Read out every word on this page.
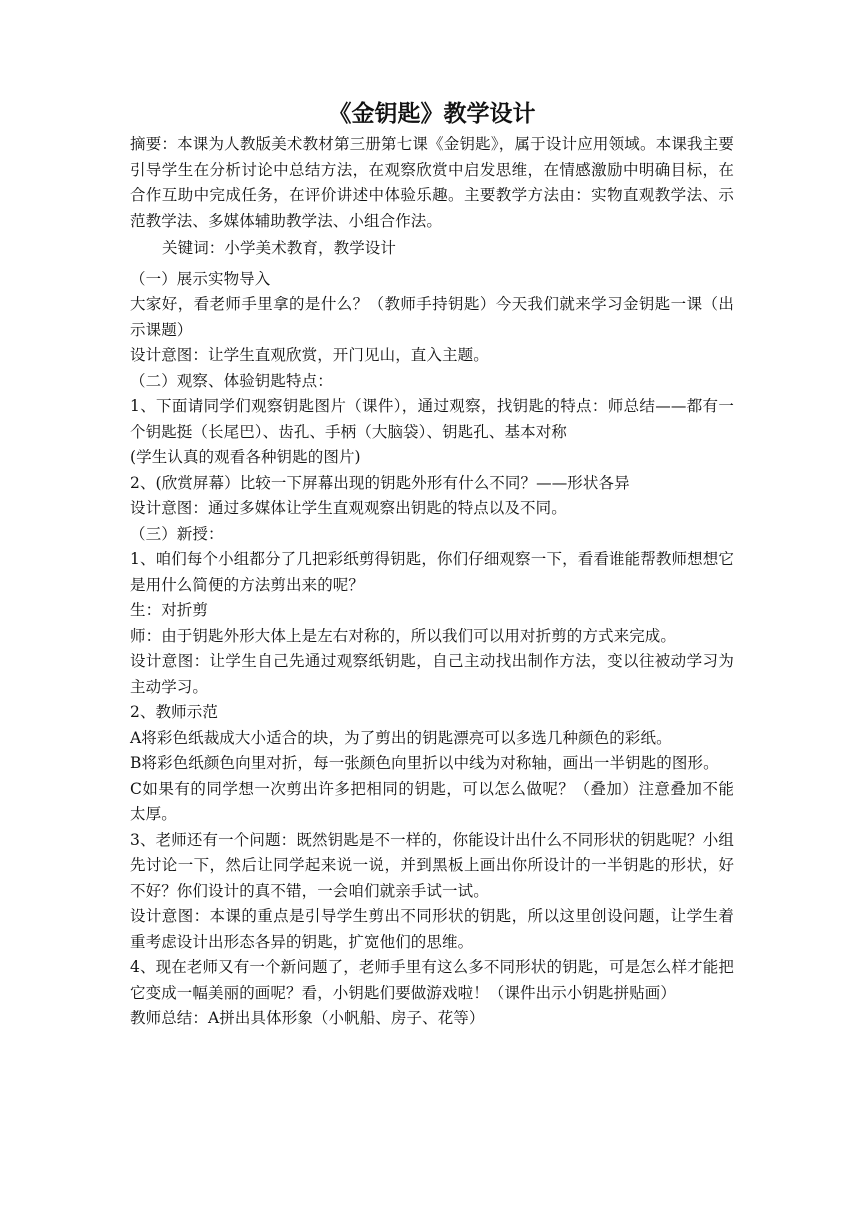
《金钥匙》教学设计

摘要：本课为人教版美术教材第三册第七课《金钥匙》，属于设计应用领域。本课我主要引导学生在分析讨论中总结方法，在观察欣赏中启发思维，在情感激励中明确目标，在合作互助中完成任务，在评价讲述中体验乐趣。主要教学方法由：实物直观教学法、示范教学法、多媒体辅助教学法、小组合作法。

关键词：小学美术教育，教学设计

（一）展示实物导入

大家好，看老师手里拿的是什么？（教师手持钥匙）今天我们就来学习金钥匙一课（出示课题）

设计意图：让学生直观欣赏，开门见山，直入主题。

（二）观察、体验钥匙特点：

1、下面请同学们观察钥匙图片（课件），通过观察，找钥匙的特点：师总结——都有一个钥匙挺（长尾巴）、齿孔、手柄（大脑袋）、钥匙孔、基本对称

(学生认真的观看各种钥匙的图片)

2、(欣赏屏幕）比较一下屏幕出现的钥匙外形有什么不同？——形状各异

设计意图：通过多媒体让学生直观观察出钥匙的特点以及不同。

（三）新授：

1、咱们每个小组都分了几把彩纸剪得钥匙，你们仔细观察一下，看看谁能帮教师想想它是用什么简便的方法剪出来的呢？

生：对折剪

师：由于钥匙外形大体上是左右对称的，所以我们可以用对折剪的方式来完成。

设计意图：让学生自己先通过观察纸钥匙，自己主动找出制作方法，变以往被动学习为主动学习。

2、教师示范

A将彩色纸裁成大小适合的块，为了剪出的钥匙漂亮可以多选几种颜色的彩纸。

B将彩色纸颜色向里对折，每一张颜色向里折以中线为对称轴，画出一半钥匙的图形。

C如果有的同学想一次剪出许多把相同的钥匙，可以怎么做呢？（叠加）注意叠加不能太厚。

3、老师还有一个问题：既然钥匙是不一样的，你能设计出什么不同形状的钥匙呢？小组先讨论一下，然后让同学起来说一说，并到黑板上画出你所设计的一半钥匙的形状，好不好？你们设计的真不错，一会咱们就亲手试一试。

设计意图：本课的重点是引导学生剪出不同形状的钥匙，所以这里创设问题，让学生着重考虑设计出形态各异的钥匙，扩宽他们的思维。

4、现在老师又有一个新问题了，老师手里有这么多不同形状的钥匙，可是怎么样才能把它变成一幅美丽的画呢？看，小钥匙们要做游戏啦！（课件出示小钥匙拼贴画）

教师总结：A拼出具体形象（小帆船、房子、花等）
